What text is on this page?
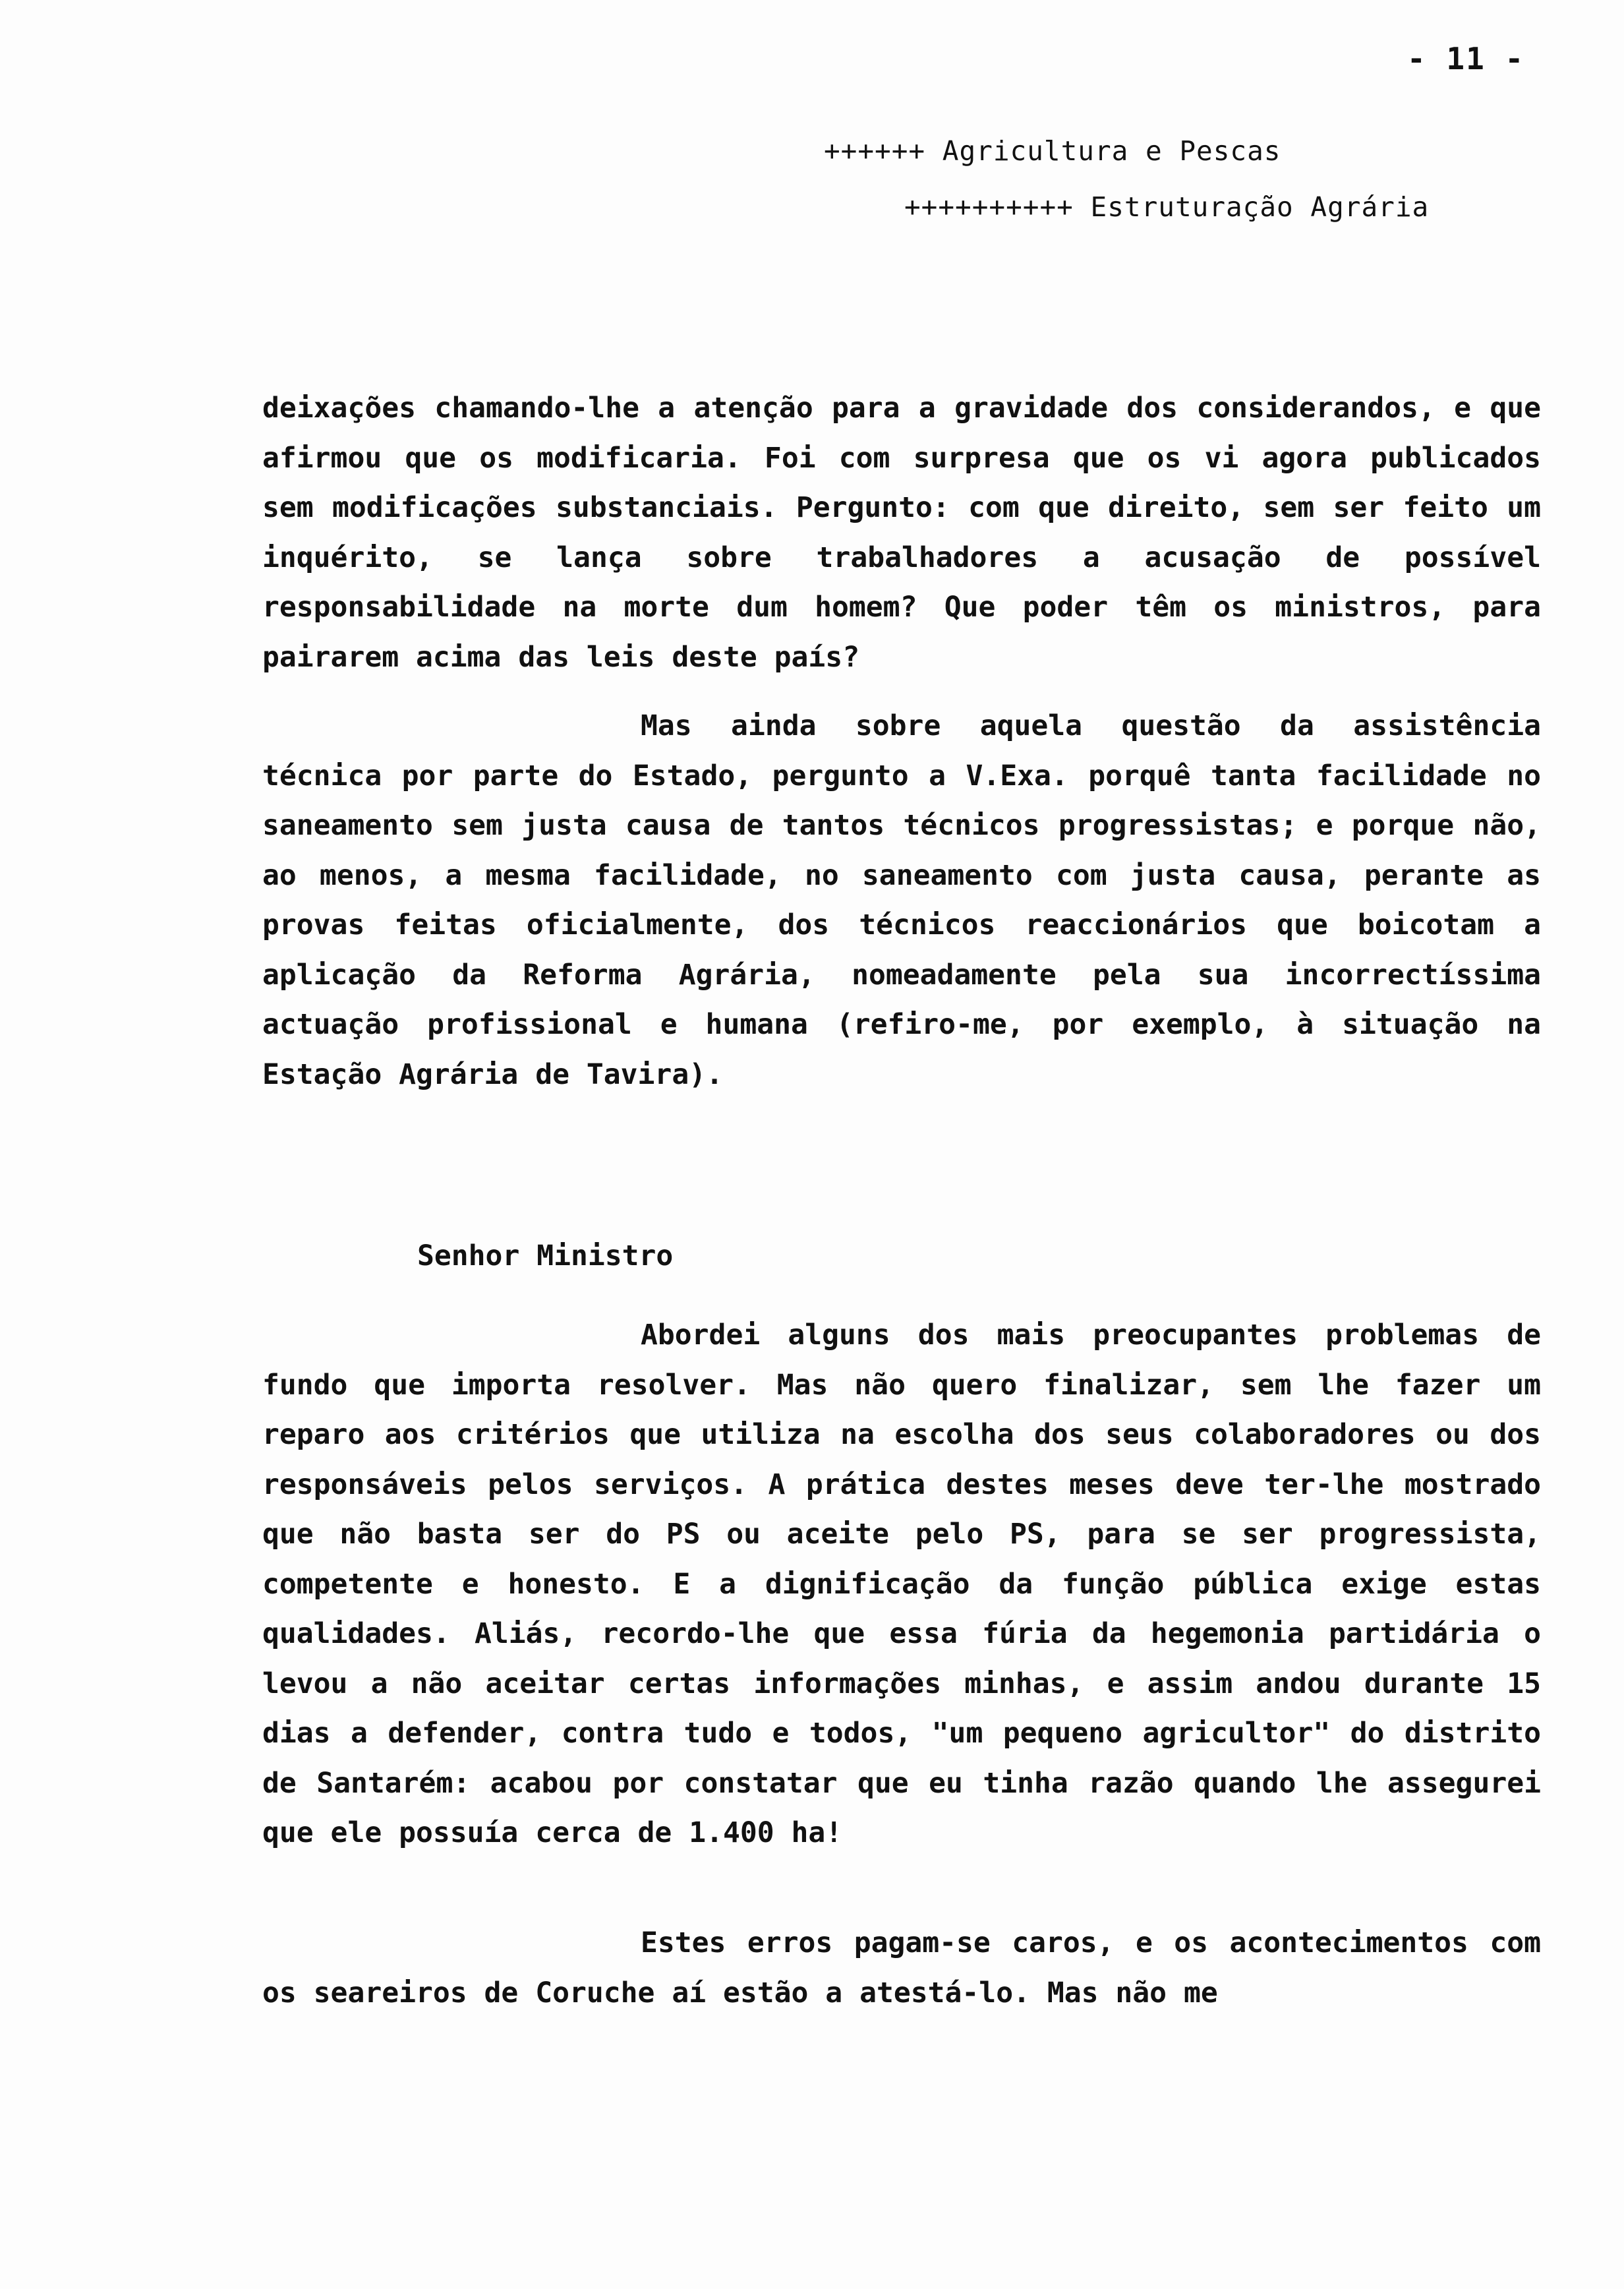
- 11 -
++++++ Agricultura e Pescas
++++++++++ Estruturação Agrária
deixações chamando-lhe a atenção para a gravidade dos considerandos, e que afirmou que os modificaria. Foi com surpresa que os vi agora publicados sem modificações substanciais. Pergunto: com que direito, sem ser feito um inquérito, se lança sobre trabalhadores a acusação de possível responsabilidade na morte dum homem? Que poder têm os ministros, para pairarem acima das leis deste país?
Mas ainda sobre aquela questão da assistência técnica por parte do Estado, pergunto a V.Exa. porquê tanta facilidade no saneamento sem justa causa de tantos técnicos progressistas; e porque não, ao menos, a mesma facilidade, no saneamento com justa causa, perante as provas feitas oficialmente, dos técnicos reaccionários que boicotam a aplicação da Reforma Agrária, nomeadamente pela sua incorrectíssima actuação profissional e humana (refiro-me, por exemplo, à situação na Estação Agrária de Tavira).
Senhor Ministro
Abordei alguns dos mais preocupantes problemas de fundo que importa resolver. Mas não quero finalizar, sem lhe fazer um reparo aos critérios que utiliza na escolha dos seus colaboradores ou dos responsáveis pelos serviços. A prática destes meses deve ter-lhe mostrado que não basta ser do PS ou aceite pelo PS, para se ser progressista, competente e honesto. E a dignificação da função pública exige estas qualidades. Aliás, recordo-lhe que essa fúria da hegemonia partidária o levou a não aceitar certas informações minhas, e assim andou durante 15 dias a defender, contra tudo e todos, "um pequeno agricultor" do distrito de Santarém: acabou por constatar que eu tinha razão quando lhe assegurei que ele possuía cerca de 1.400 ha!
Estes erros pagam-se caros, e os acontecimentos com os seareiros de Coruche aí estão a atestá-lo. Mas não me
